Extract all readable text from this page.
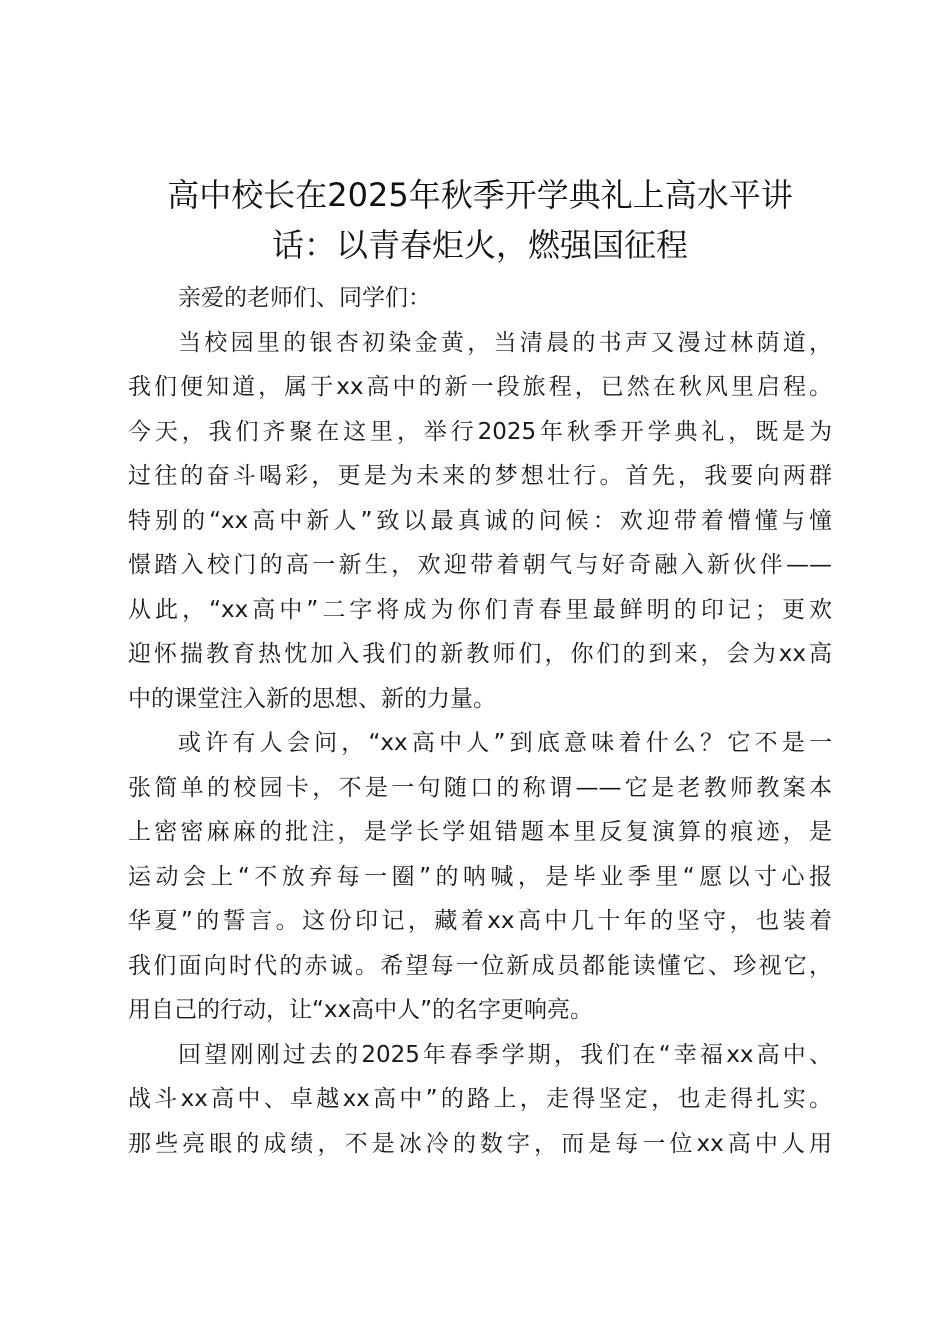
高中校长在2025年秋季开学典礼上高水平讲
话：以青春炬火，燃强国征程
亲爱的老师们、同学们：
当校园里的银杏初染金黄，当清晨的书声又漫过林荫道，
我们便知道，属于xx高中的新一段旅程，已然在秋风里启程。
今天，我们齐聚在这里，举行2025年秋季开学典礼，既是为
过往的奋斗喝彩，更是为未来的梦想壮行。首先，我要向两群
特别的“xx高中新人”致以最真诚的问候：欢迎带着懵懂与憧
憬踏入校门的高一新生，欢迎带着朝气与好奇融入新伙伴——
从此，“xx高中”二字将成为你们青春里最鲜明的印记；更欢
迎怀揣教育热忱加入我们的新教师们，你们的到来，会为xx高
中的课堂注入新的思想、新的力量。
或许有人会问，“xx高中人”到底意味着什么？它不是一
张简单的校园卡，不是一句随口的称谓——它是老教师教案本
上密密麻麻的批注，是学长学姐错题本里反复演算的痕迹，是
运动会上“不放弃每一圈”的呐喊，是毕业季里“愿以寸心报
华夏”的誓言。这份印记，藏着xx高中几十年的坚守，也装着
我们面向时代的赤诚。希望每一位新成员都能读懂它、珍视它，
用自己的行动，让“xx高中人”的名字更响亮。
回望刚刚过去的2025年春季学期，我们在“幸福xx高中、
战斗xx高中、卓越xx高中”的路上，走得坚定，也走得扎实。
那些亮眼的成绩，不是冰冷的数字，而是每一位xx高中人用
